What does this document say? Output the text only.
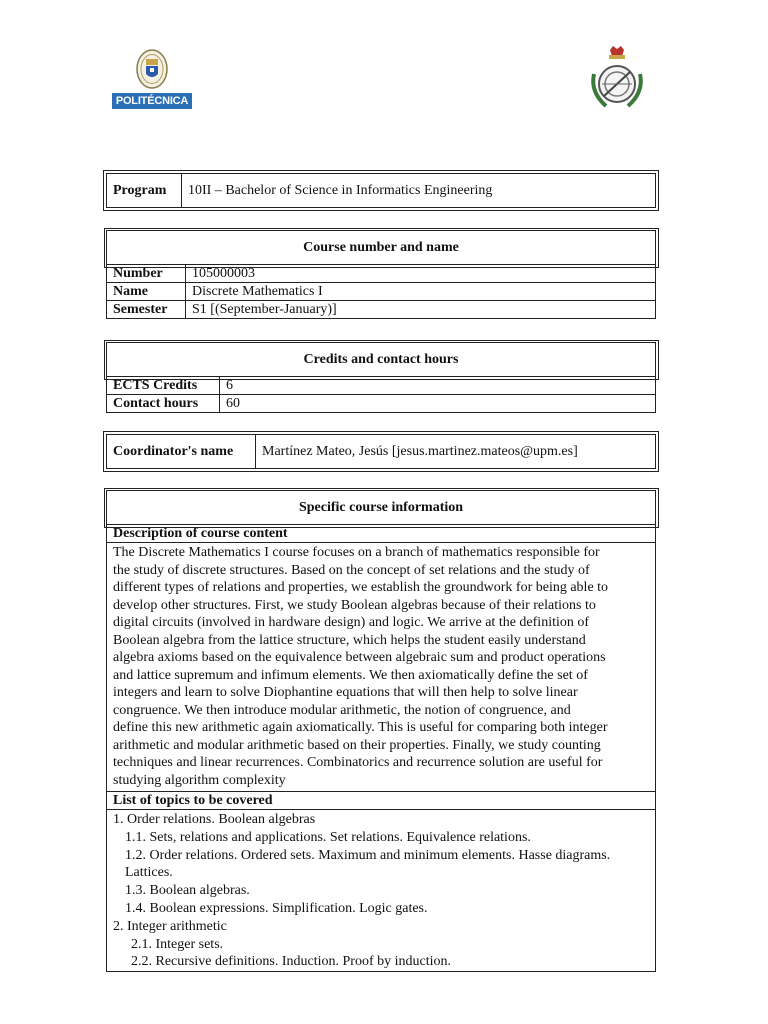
POLITÉCNICA
Program	10II – Bachelor of Science in Informatics Engineering
Course number and name	
Number	105000003
Name	Discrete Mathematics I
Semester	S1 [(September-January)]
Credits and contact hours	
ECTS Credits	6
Contact hours	60
Coordinator's name	Martínez Mateo, Jesús [jesus.martinez.mateos@upm.es]
Specific course information
Description of course content

The Discrete Mathematics I course focuses on a branch of mathematics responsible for
the study of discrete structures. Based on the concept of set relations and the study of
different types of relations and properties, we establish the groundwork for being able to
develop other structures. First, we study Boolean algebras because of their relations to
digital circuits (involved in hardware design) and logic. We arrive at the definition of
Boolean algebra from the lattice structure, which helps the student easily understand
algebra axioms based on the equivalence between algebraic sum and product operations
and lattice supremum and infimum elements. We then axiomatically define the set of
integers and learn to solve Diophantine equations that will then help to solve linear
congruence. We then introduce modular arithmetic, the notion of congruence, and
define this new arithmetic again axiomatically. This is useful for comparing both integer
arithmetic and modular arithmetic based on their properties. Finally, we study counting
techniques and linear recurrences. Combinatorics and recurrence solution are useful for
studying algorithm complexity

List of topics to be covered

1. Order relations. Boolean algebras
1.1. Sets, relations and applications. Set relations. Equivalence relations.
1.2. Order relations. Ordered sets. Maximum and minimum elements. Hasse diagrams.
Lattices.
1.3. Boolean algebras.
1.4. Boolean expressions. Simplification. Logic gates.
2. Integer arithmetic
2.1. Integer sets.
2.2. Recursive definitions. Induction. Proof by induction.
